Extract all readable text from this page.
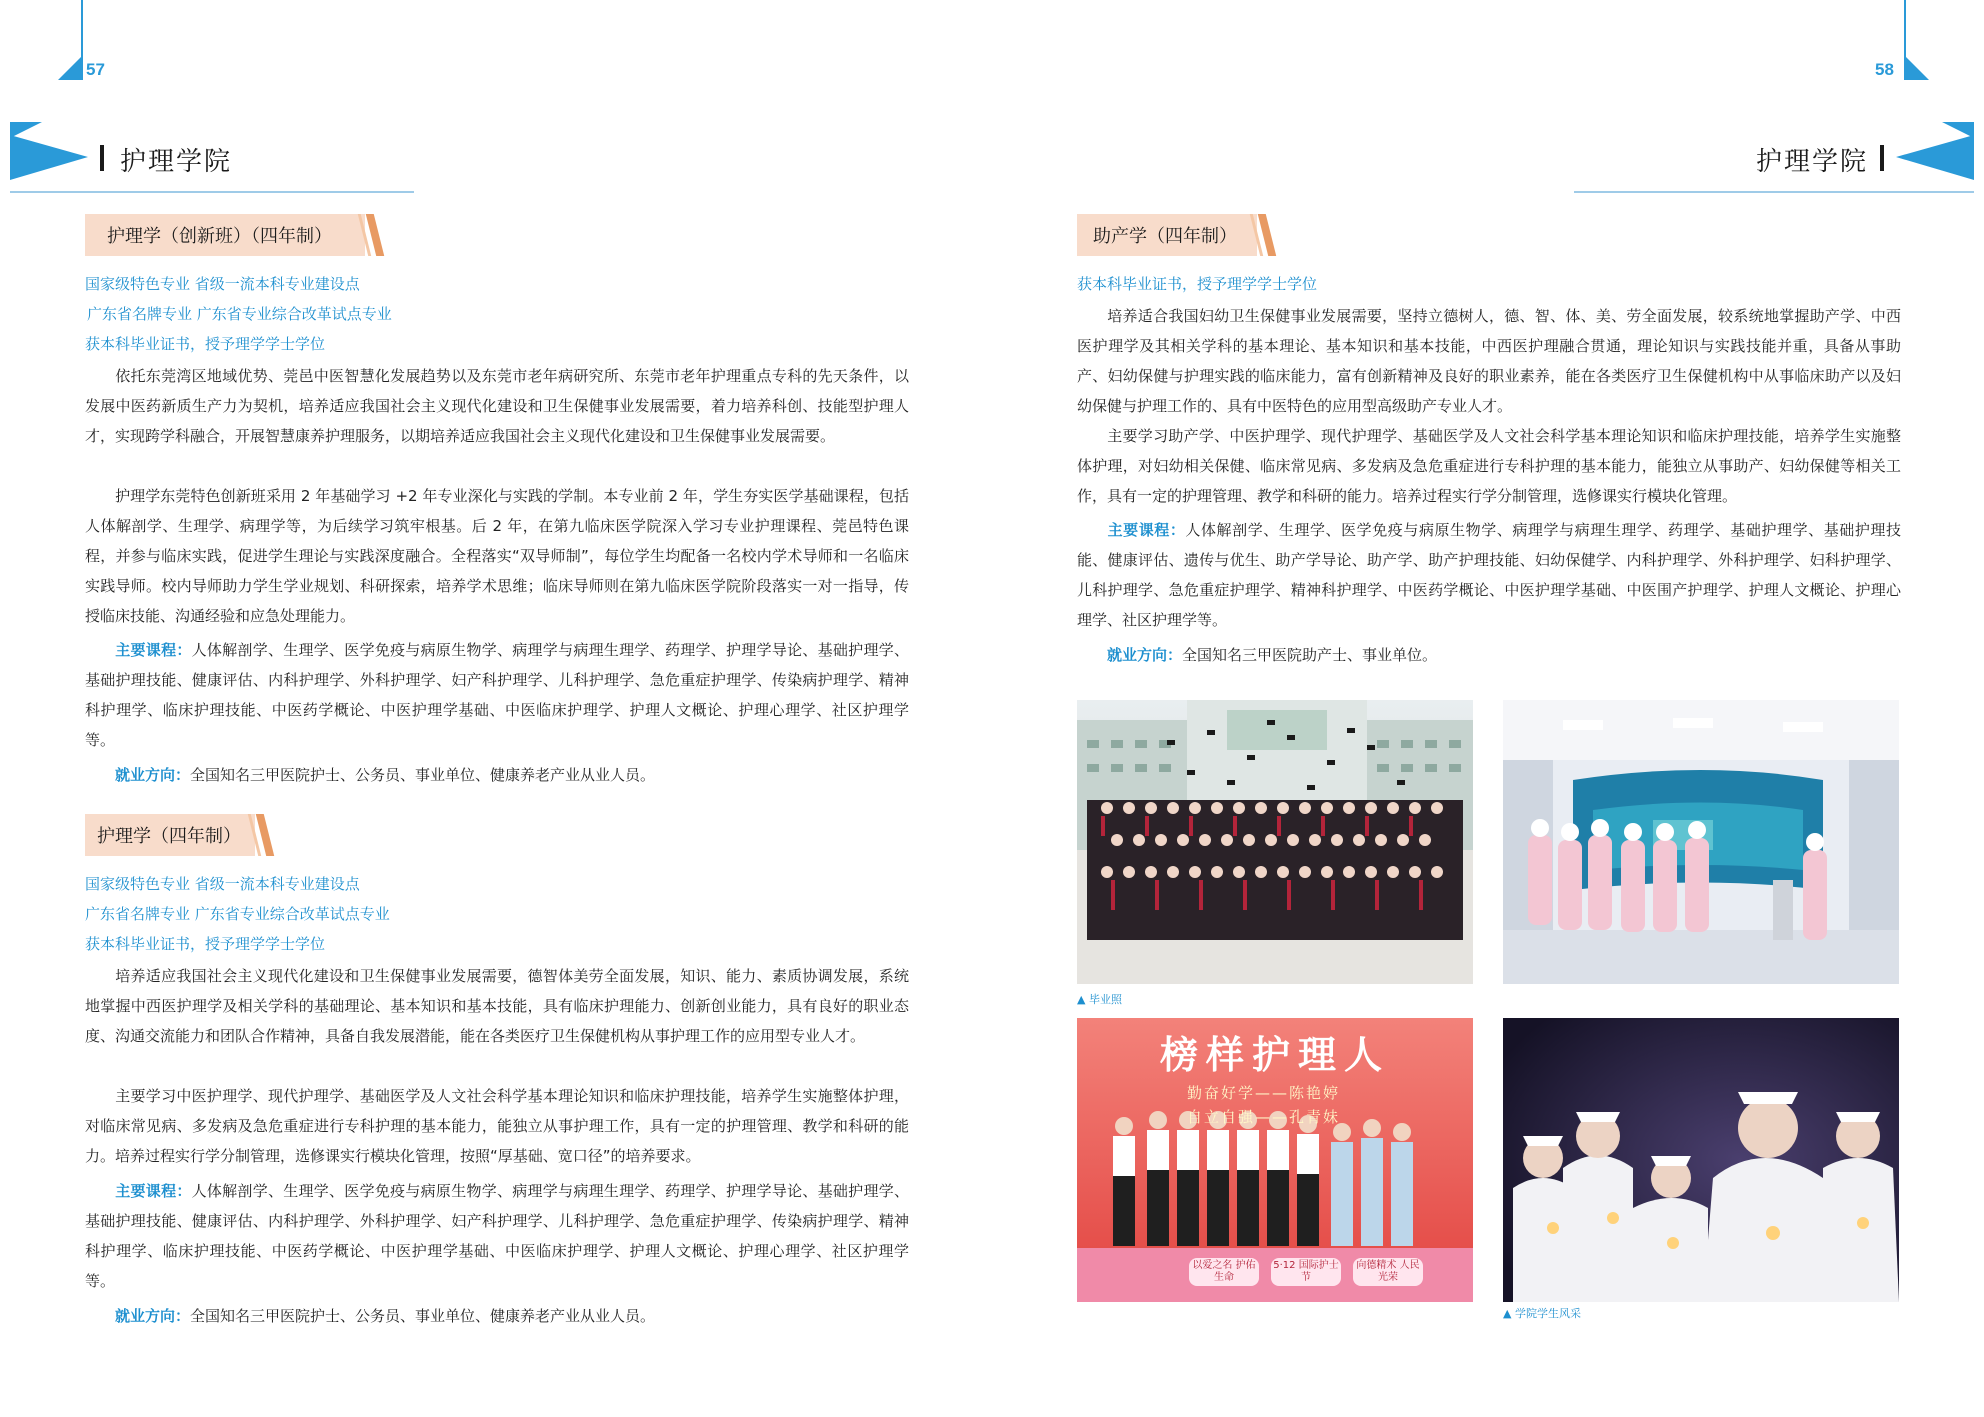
57	58
护理学院	护理学院
护理学（创新班）（四年制）
国家级特色专业 省级一流本科专业建设点
广东省名牌专业 广东省专业综合改革试点专业
获本科毕业证书，授予理学学士学位
依托东莞湾区地域优势、莞邑中医智慧化发展趋势以及东莞市老年病研究所、东莞市老年护理重点专科的先天条件，以发展中医药新质生产力为契机，培养适应我国社会主义现代化建设和卫生保健事业发展需要，着力培养科创、技能型护理人才，实现跨学科融合，开展智慧康养护理服务，以期培养适应我国社会主义现代化建设和卫生保健事业发展需要。
护理学东莞特色创新班采用 2 年基础学习 +2 年专业深化与实践的学制。本专业前 2 年，学生夯实医学基础课程，包括人体解剖学、生理学、病理学等，为后续学习筑牢根基。后 2 年，在第九临床医学院深入学习专业护理课程、莞邑特色课程，并参与临床实践，促进学生理论与实践深度融合。全程落实“双导师制”，每位学生均配备一名校内学术导师和一名临床实践导师。校内导师助力学生学业规划、科研探索，培养学术思维；临床导师则在第九临床医学院阶段落实一对一指导，传授临床技能、沟通经验和应急处理能力。
主要课程：人体解剖学、生理学、医学免疫与病原生物学、病理学与病理生理学、药理学、护理学导论、基础护理学、基础护理技能、健康评估、内科护理学、外科护理学、妇产科护理学、儿科护理学、急危重症护理学、传染病护理学、精神科护理学、临床护理技能、中医药学概论、中医护理学基础、中医临床护理学、护理人文概论、护理心理学、社区护理学等。
就业方向：全国知名三甲医院护士、公务员、事业单位、健康养老产业从业人员。
护理学（四年制）
国家级特色专业 省级一流本科专业建设点
广东省名牌专业 广东省专业综合改革试点专业
获本科毕业证书，授予理学学士学位
培养适应我国社会主义现代化建设和卫生保健事业发展需要，德智体美劳全面发展，知识、能力、素质协调发展，系统地掌握中西医护理学及相关学科的基础理论、基本知识和基本技能，具有临床护理能力、创新创业能力，具有良好的职业态度、沟通交流能力和团队合作精神，具备自我发展潜能，能在各类医疗卫生保健机构从事护理工作的应用型专业人才。
主要学习中医护理学、现代护理学、基础医学及人文社会科学基本理论知识和临床护理技能，培养学生实施整体护理，对临床常见病、多发病及急危重症进行专科护理的基本能力，能独立从事护理工作，具有一定的护理管理、教学和科研的能力。培养过程实行学分制管理，选修课实行模块化管理，按照“厚基础、宽口径”的培养要求。
主要课程：人体解剖学、生理学、医学免疫与病原生物学、病理学与病理生理学、药理学、护理学导论、基础护理学、基础护理技能、健康评估、内科护理学、外科护理学、妇产科护理学、儿科护理学、急危重症护理学、传染病护理学、精神科护理学、临床护理技能、中医药学概论、中医护理学基础、中医临床护理学、护理人文概论、护理心理学、社区护理学等。
就业方向：全国知名三甲医院护士、公务员、事业单位、健康养老产业从业人员。
助产学（四年制）
获本科毕业证书，授予理学学士学位
培养适合我国妇幼卫生保健事业发展需要，坚持立德树人，德、智、体、美、劳全面发展，较系统地掌握助产学、中西医护理学及其相关学科的基本理论、基本知识和基本技能，中西医护理融合贯通，理论知识与实践技能并重，具备从事助产、妇幼保健与护理实践的临床能力，富有创新精神及良好的职业素养，能在各类医疗卫生保健机构中从事临床助产以及妇幼保健与护理工作的、具有中医特色的应用型高级助产专业人才。
主要学习助产学、中医护理学、现代护理学、基础医学及人文社会科学基本理论知识和临床护理技能，培养学生实施整体护理，对妇幼相关保健、临床常见病、多发病及急危重症进行专科护理的基本能力，能独立从事助产、妇幼保健等相关工作，具有一定的护理管理、教学和科研的能力。培养过程实行学分制管理，选修课实行模块化管理。
主要课程：人体解剖学、生理学、医学免疫与病原生物学、病理学与病理生理学、药理学、基础护理学、基础护理技能、健康评估、遗传与优生、助产学导论、助产学、助产护理技能、妇幼保健学、内科护理学、外科护理学、妇科护理学、儿科护理学、急危重症护理学、精神科护理学、中医药学概论、中医护理学基础、中医围产护理学、护理人文概论、护理心理学、社区护理学等。
就业方向：全国知名三甲医院助产士、事业单位。
▲ 毕业照
榜样护理人
勤奋好学——陈艳婷
自立自强——孔青妹
以爱之名 护佑生命
5·12 国际护士节
向德精术 人民光荣
▲ 学院学生风采
